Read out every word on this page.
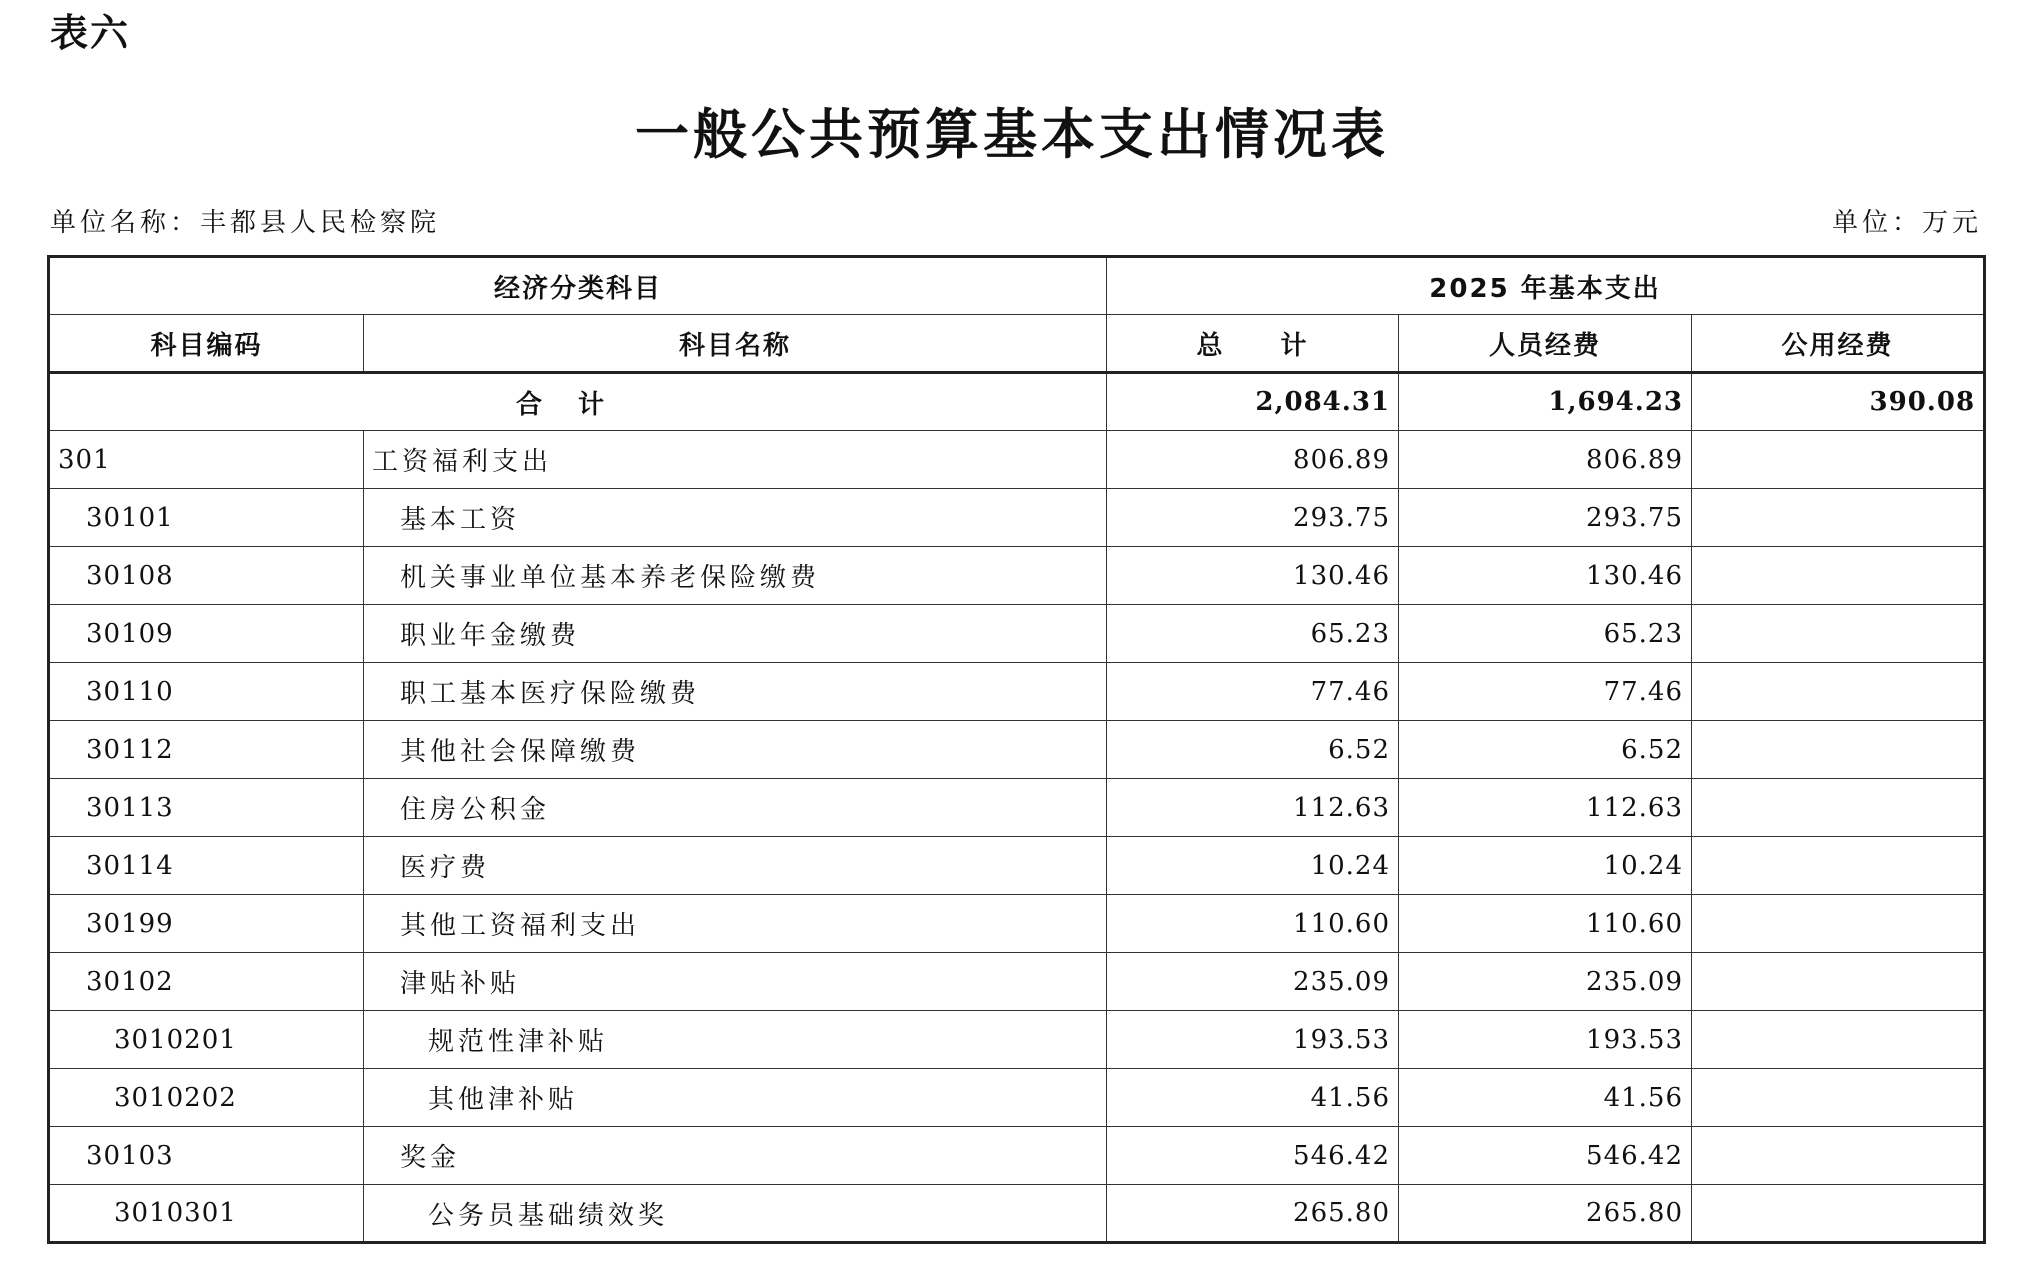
表六
一般公共预算基本支出情况表
单位名称：丰都县人民检察院	单位：万元
经济分类科目		2025 年基本支出		
科目编码	科目名称	总　　计	人员经费	公用经费
合计		2,084.31	1,694.23	390.08
301	工资福利支出	806.89	806.89	
30101	基本工资	293.75	293.75	
30108	机关事业单位基本养老保险缴费	130.46	130.46	
30109	职业年金缴费	65.23	65.23	
30110	职工基本医疗保险缴费	77.46	77.46	
30112	其他社会保障缴费	6.52	6.52	
30113	住房公积金	112.63	112.63	
30114	医疗费	10.24	10.24	
30199	其他工资福利支出	110.60	110.60	
30102	津贴补贴	235.09	235.09	
3010201	规范性津补贴	193.53	193.53	
3010202	其他津补贴	41.56	41.56	
30103	奖金	546.42	546.42	
3010301	公务员基础绩效奖	265.80	265.80	
